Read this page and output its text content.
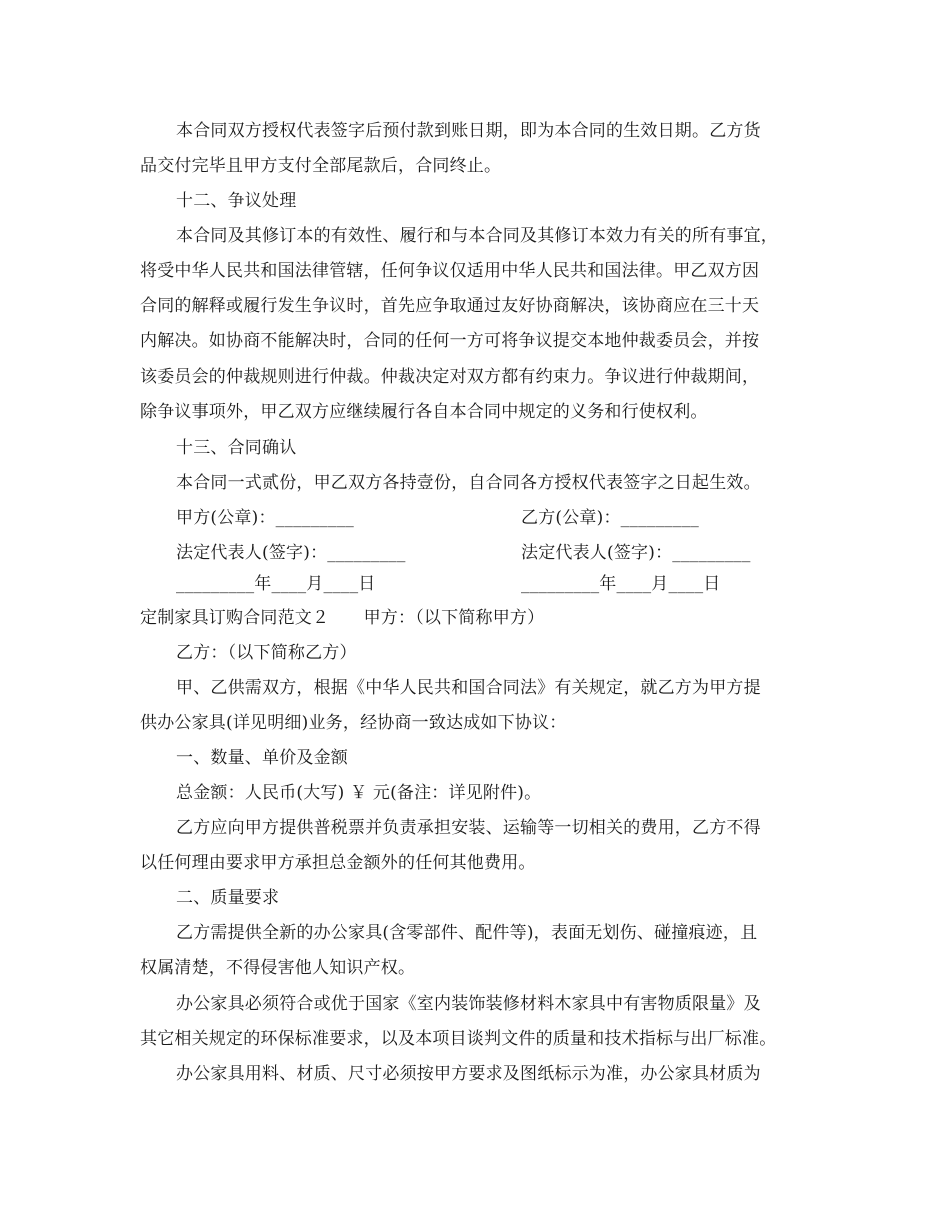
本合同双方授权代表签字后预付款到账日期，即为本合同的生效日期。乙方货
品交付完毕且甲方支付全部尾款后，合同终止。
十二、争议处理
本合同及其修订本的有效性、履行和与本合同及其修订本效力有关的所有事宜，
将受中华人民共和国法律管辖，任何争议仅适用中华人民共和国法律。甲乙双方因
合同的解释或履行发生争议时，首先应争取通过友好协商解决，该协商应在三十天
内解决。如协商不能解决时，合同的任何一方可将争议提交本地仲裁委员会，并按
该委员会的仲裁规则进行仲裁。仲裁决定对双方都有约束力。争议进行仲裁期间，
除争议事项外，甲乙双方应继续履行各自本合同中规定的义务和行使权利。
十三、合同确认
本合同一式贰份，甲乙双方各持壹份，自合同各方授权代表签字之日起生效。
甲方(公章)：_________	乙方(公章)：_________
法定代表人(签字)：_________	法定代表人(签字)：_________
_________年____月____日	_________年____月____日
定制家具订购合同范文２　　甲方：（以下简称甲方）
乙方：（以下简称乙方）
甲、乙供需双方，根据《中华人民共和国合同法》有关规定，就乙方为甲方提
供办公家具(详见明细)业务，经协商一致达成如下协议：
一、数量、单价及金额
总金额：人民币(大写) ￥ 元(备注：详见附件)。
乙方应向甲方提供普税票并负责承担安装、运输等一切相关的费用，乙方不得
以任何理由要求甲方承担总金额外的任何其他费用。
二、质量要求
乙方需提供全新的办公家具(含零部件、配件等)，表面无划伤、碰撞痕迹，且
权属清楚，不得侵害他人知识产权。
办公家具必须符合或优于国家《室内装饰装修材料木家具中有害物质限量》及
其它相关规定的环保标准要求，以及本项目谈判文件的质量和技术指标与出厂标准。
办公家具用料、材质、尺寸必须按甲方要求及图纸标示为准，办公家具材质为
